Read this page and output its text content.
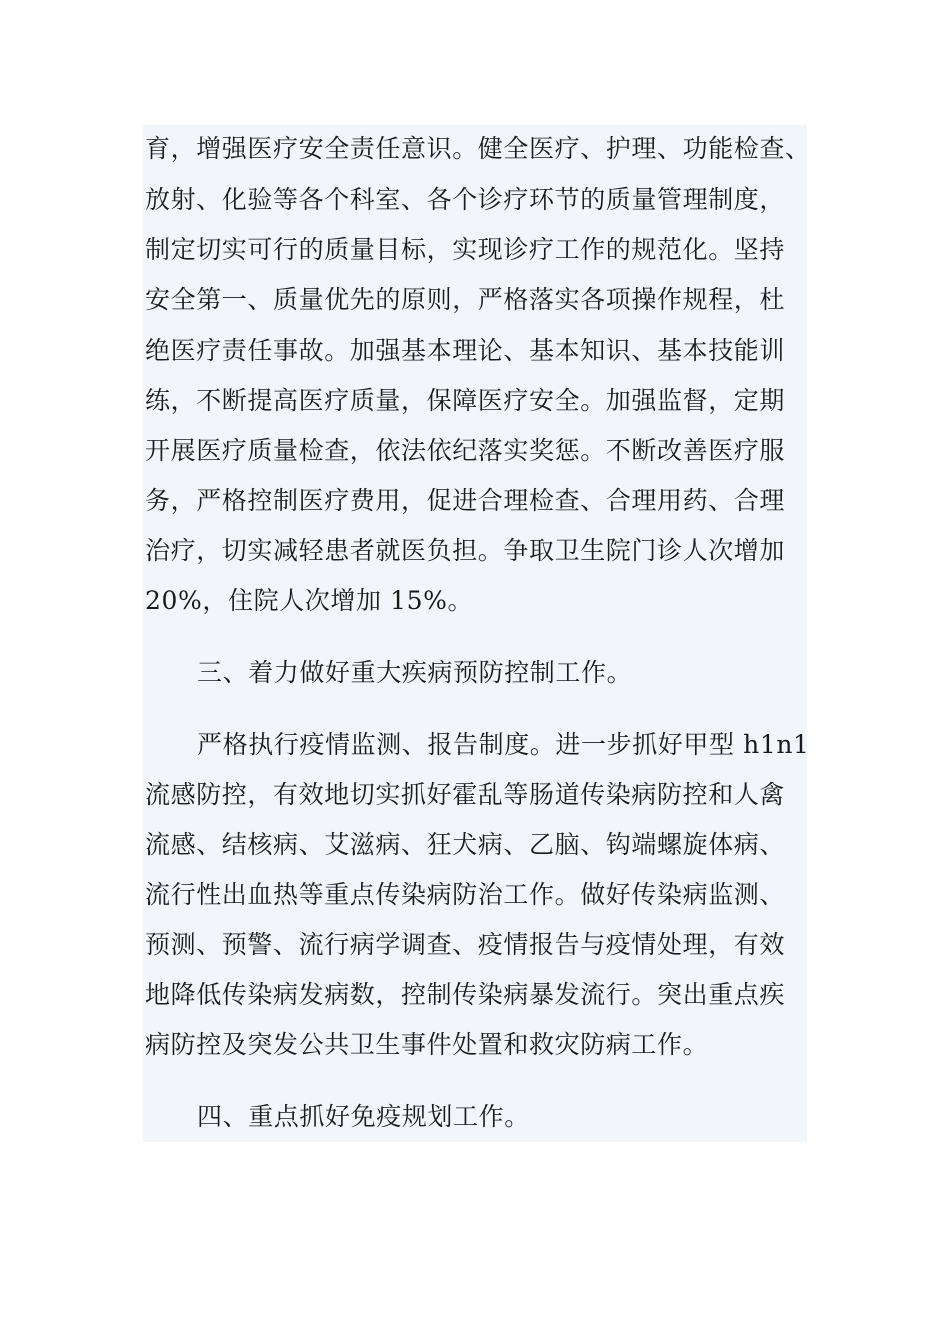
育，增强医疗安全责任意识。健全医疗、护理、功能检查、
放射、化验等各个科室、各个诊疗环节的质量管理制度，
制定切实可行的质量目标，实现诊疗工作的规范化。坚持
安全第一、质量优先的原则，严格落实各项操作规程，杜
绝医疗责任事故。加强基本理论、基本知识、基本技能训
练，不断提高医疗质量，保障医疗安全。加强监督，定期
开展医疗质量检查，依法依纪落实奖惩。不断改善医疗服
务，严格控制医疗费用，促进合理检查、合理用药、合理
治疗，切实减轻患者就医负担。争取卫生院门诊人次增加
20%，住院人次增加 15%。
三、着力做好重大疾病预防控制工作。
严格执行疫情监测、报告制度。进一步抓好甲型 h1n1
流感防控，有效地切实抓好霍乱等肠道传染病防控和人禽
流感、结核病、艾滋病、狂犬病、乙脑、钩端螺旋体病、
流行性出血热等重点传染病防治工作。做好传染病监测、
预测、预警、流行病学调查、疫情报告与疫情处理，有效
地降低传染病发病数，控制传染病暴发流行。突出重点疾
病防控及突发公共卫生事件处置和救灾防病工作。
四、重点抓好免疫规划工作。
